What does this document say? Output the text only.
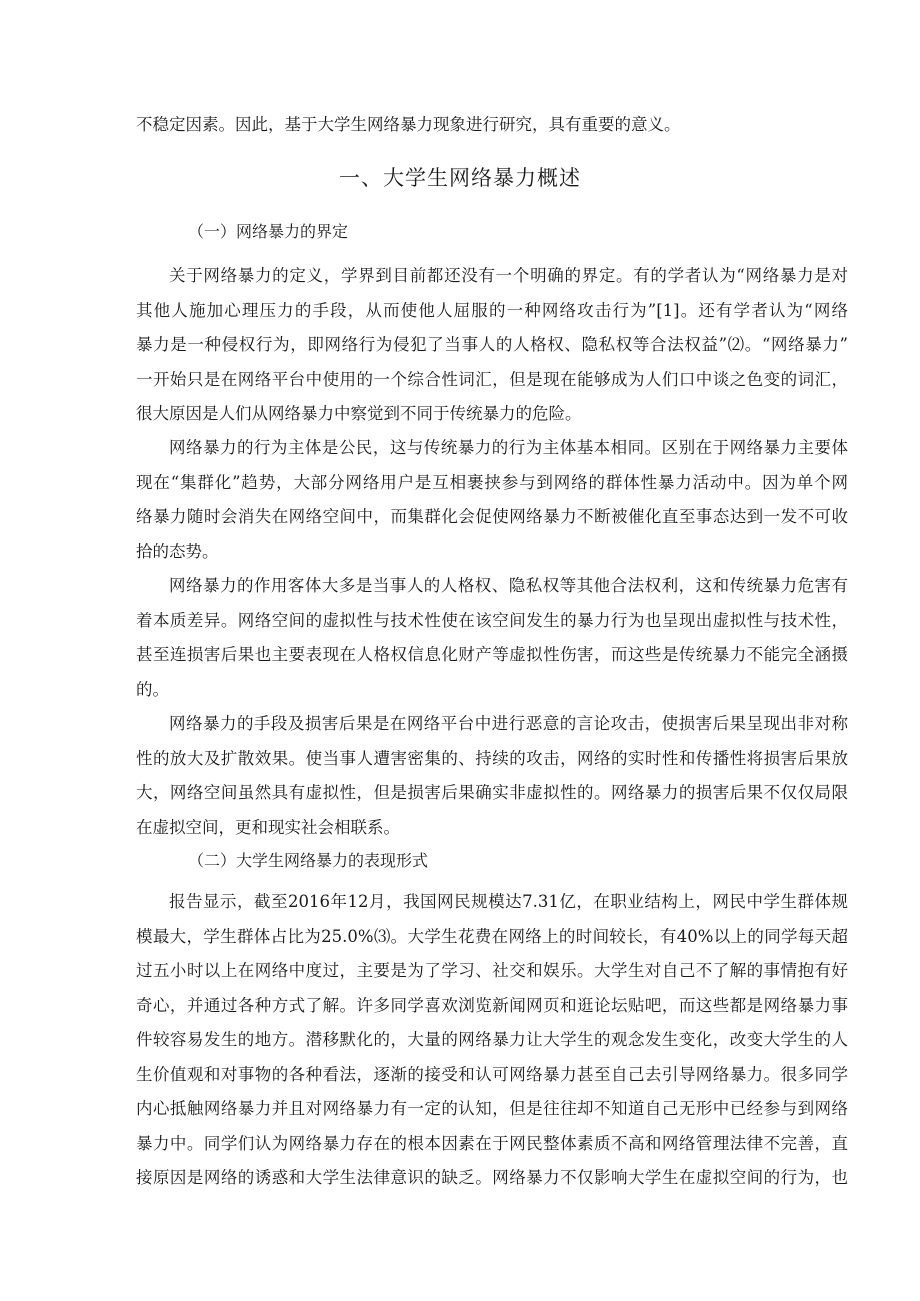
不稳定因素。因此，基于大学生网络暴力现象进行研究，具有重要的意义。
一、大学生网络暴力概述
（一）网络暴力的界定
关于网络暴力的定义，学界到目前都还没有一个明确的界定。有的学者认为“网络暴力是对
其他人施加心理压力的手段，从而使他人屈服的一种网络攻击行为”[1]。还有学者认为“网络
暴力是一种侵权行为，即网络行为侵犯了当事人的人格权、隐私权等合法权益”⑵。“网络暴力”
一开始只是在网络平台中使用的一个综合性词汇，但是现在能够成为人们口中谈之色变的词汇，
很大原因是人们从网络暴力中察觉到不同于传统暴力的危险。
网络暴力的行为主体是公民，这与传统暴力的行为主体基本相同。区别在于网络暴力主要体
现在“集群化”趋势，大部分网络用户是互相裹挟参与到网络的群体性暴力活动中。因为单个网
络暴力随时会消失在网络空间中，而集群化会促使网络暴力不断被催化直至事态达到一发不可收
拾的态势。
网络暴力的作用客体大多是当事人的人格权、隐私权等其他合法权利，这和传统暴力危害有
着本质差异。网络空间的虚拟性与技术性使在该空间发生的暴力行为也呈现出虚拟性与技术性，
甚至连损害后果也主要表现在人格权信息化财产等虚拟性伤害，而这些是传统暴力不能完全涵摄
的。
网络暴力的手段及损害后果是在网络平台中进行恶意的言论攻击，使损害后果呈现出非对称
性的放大及扩散效果。使当事人遭害密集的、持续的攻击，网络的实时性和传播性将损害后果放
大，网络空间虽然具有虚拟性，但是损害后果确实非虚拟性的。网络暴力的损害后果不仅仅局限
在虚拟空间，更和现实社会相联系。
（二）大学生网络暴力的表现形式
报告显示，截至2016年12月，我国网民规模达7.31亿，在职业结构上，网民中学生群体规
模最大，学生群体占比为25.0%⑶。大学生花费在网络上的时间较长，有40%以上的同学每天超
过五小时以上在网络中度过，主要是为了学习、社交和娱乐。大学生对自己不了解的事情抱有好
奇心，并通过各种方式了解。许多同学喜欢浏览新闻网页和逛论坛贴吧，而这些都是网络暴力事
件较容易发生的地方。潜移默化的，大量的网络暴力让大学生的观念发生变化，改变大学生的人
生价值观和对事物的各种看法，逐渐的接受和认可网络暴力甚至自己去引导网络暴力。很多同学
内心抵触网络暴力并且对网络暴力有一定的认知，但是往往却不知道自己无形中已经参与到网络
暴力中。同学们认为网络暴力存在的根本因素在于网民整体素质不高和网络管理法律不完善，直
接原因是网络的诱惑和大学生法律意识的缺乏。网络暴力不仅影响大学生在虚拟空间的行为，也
